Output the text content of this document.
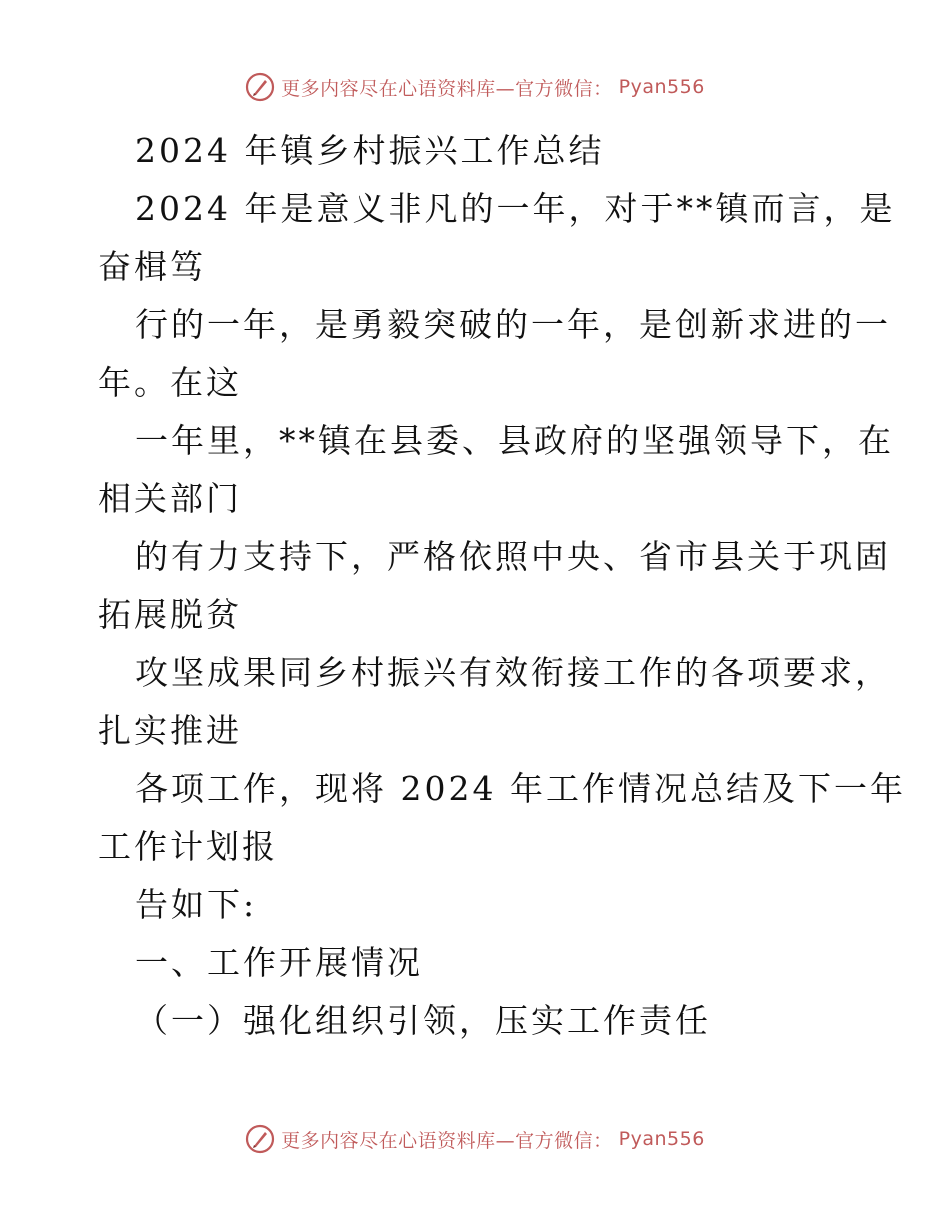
更多内容尽在心语资料库—官方微信： Pyan556
2024 年镇乡村振兴工作总结
2024 年是意义非凡的一年，对于**镇而言，是
奋楫笃
行的一年，是勇毅突破的一年，是创新求进的一
年。在这
一年里，**镇在县委、县政府的坚强领导下，在
相关部门
的有力支持下，严格依照中央、省市县关于巩固
拓展脱贫
攻坚成果同乡村振兴有效衔接工作的各项要求，
扎实推进
各项工作，现将 2024 年工作情况总结及下一年
工作计划报
告如下:
一、工作开展情况
（一）强化组织引领，压实工作责任
更多内容尽在心语资料库—官方微信： Pyan556
